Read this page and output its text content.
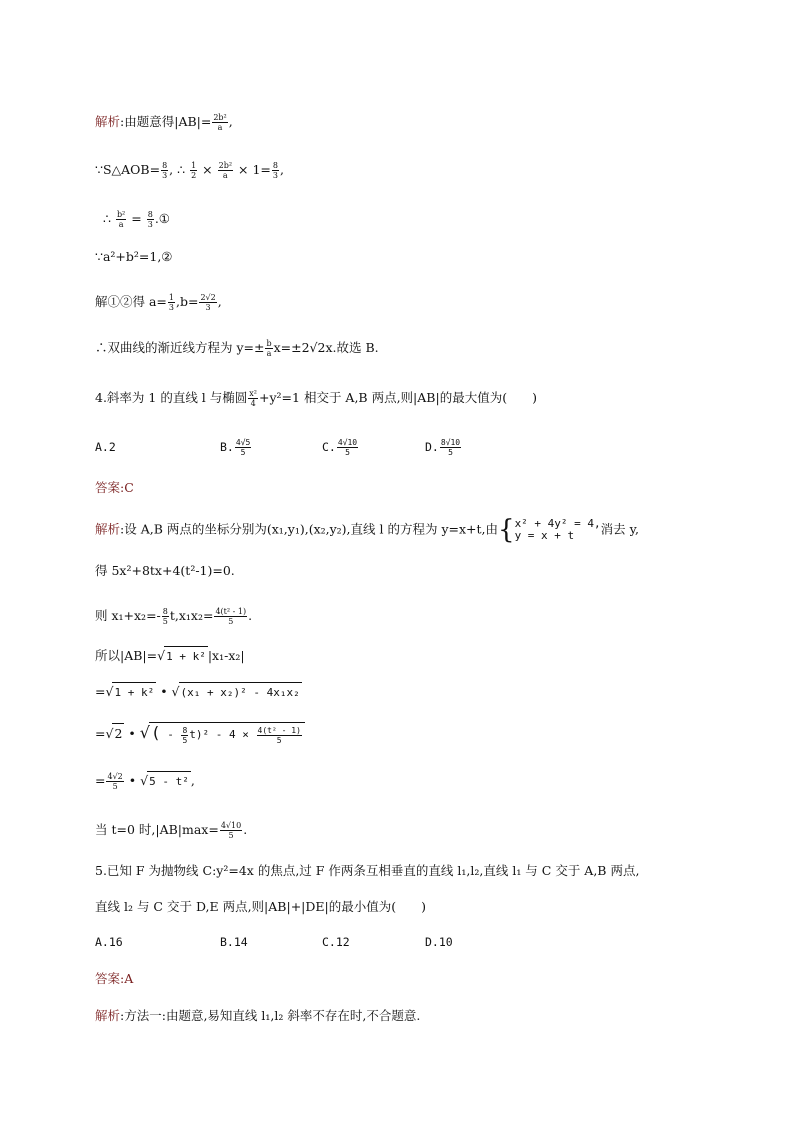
解析:由题意得$|AB|= \frac{\text{2b²}}{a}$ ,
∵S△AOB= $\frac{8}{3}$ , ∴ $\frac{1}{2} \times \frac{\text{2b²}}{a} \times 1= \frac{8}{3}$ ,
∴ $\frac{\text{b²}}{a} = \frac{8}{3}$ .①
∵a²+b²=1,②
解①②得 $a= \frac{1}{3} ,b= \frac{2√2}{3}$ ,
∴双曲线的渐近线方程为 $y=\pm \frac{b}{a} x=\pm 2√2x$.故选 B.
4.斜率为 1 的直线 l 与椭圆 $\frac{\text{x²}}{4} +y^2=1$ 相交于 A,B 两点,则|AB|的最大值为(　　)
A.2	B. $\frac{4√5}{5}$	C. $\frac{4√10}{5}$	D. $\frac{8√10}{5}$
答案:C
解析:设 A,B 两点的坐标分别为(x₁,y₁),(x₂,y₂),直线 l 的方程为 y=x+t,由{ x² + 4y² = 4,
y = x + t	消去 y,
得 5x²+8tx+4(t²-1)=0.
则 $x_1+x_2=- \frac{8}{5} t,x_1x_2= \frac{\text{4(t² - 1)}}{5}$ .
所以|AB|=√1 + k² |x₁-x₂|
=√1 + k² • √(x₁ + x₂)² - 4x₁x₂
=√2 • √( - $\frac{8}{5} t)^2 - 4 \times \frac{\text{4(t² - 1)}}{5}$
= $\frac{4√2}{5}$ • √5 - t² ,
当 t=0 时$,|AB|\max= \frac{4√10}{5}$ .
5.已知 F 为抛物线 C:y²=4x 的焦点,过 F 作两条互相垂直的直线 l₁,l₂,直线 l₁ 与 C 交于 A,B 两点,
直线 l₂ 与 C 交于 D,E 两点,则|AB|+|DE|的最小值为(　　)
A.16	B.14	C.12	D.10
答案:A
解析:方法一:由题意,易知直线 l₁,l₂ 斜率不存在时,不合题意.
